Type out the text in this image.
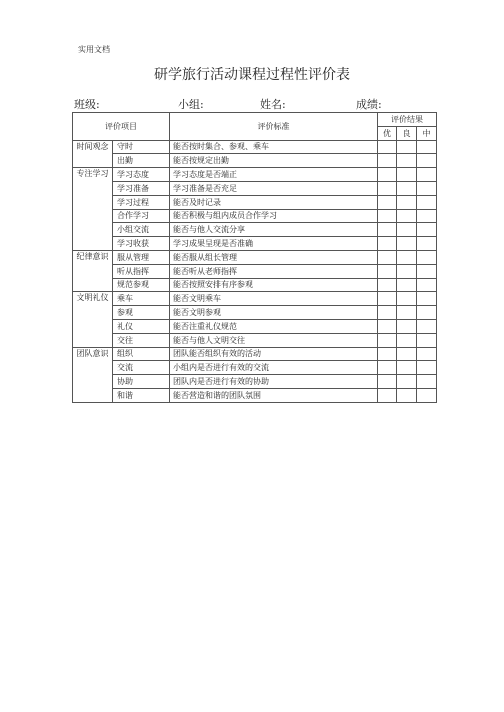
实用文档
研学旅行活动课程过程性评价表
班级:	小组:	姓名:	成绩:
评价项目		评价标准	评价结果		
			优	良	中
时间观念	守时	能否按时集合、参观、乘车			
	出勤	能否按规定出勤			
专注学习	学习态度	学习态度是否端正			
	学习准备	学习准备是否充足			
	学习过程	能否及时记录			
	合作学习	能否积极与组内成员合作学习			
	小组交流	能否与他人交流分享			
	学习收获	学习成果呈现是否准确			
纪律意识	服从管理	能否服从组长管理			
	听从指挥	能否听从老师指挥			
	规范参观	能否按照安排有序参观			
文明礼仪	乘车	能否文明乘车			
	参观	能否文明参观			
	礼仪	能否注重礼仪规范			
	交往	能否与他人文明交往			
团队意识	组织	团队能否组织有效的活动			
	交流	小组内是否进行有效的交流			
	协助	团队内是否进行有效的协助			
	和谐	能否营造和谐的团队氛围			
